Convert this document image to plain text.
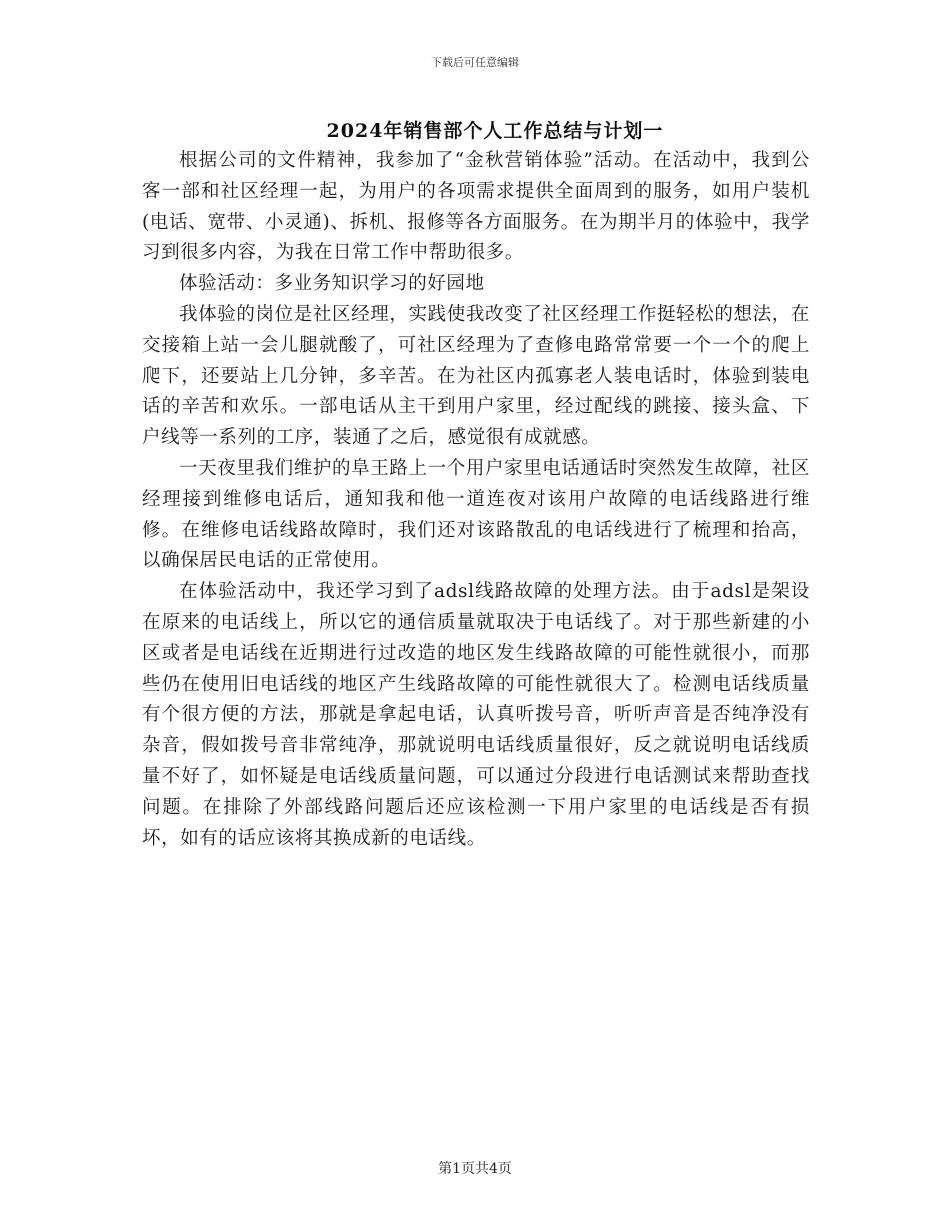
下载后可任意编辑
2024年销售部个人工作总结与计划一

根据公司的文件精神，我参加了“金秋营销体验”活动。在活动中，我到公客一部和社区经理一起，为用户的各项需求提供全面周到的服务，如用户装机(电话、宽带、小灵通)、拆机、报修等各方面服务。在为期半月的体验中，我学习到很多内容，为我在日常工作中帮助很多。

体验活动：多业务知识学习的好园地

我体验的岗位是社区经理，实践使我改变了社区经理工作挺轻松的想法，在交接箱上站一会儿腿就酸了，可社区经理为了查修电路常常要一个一个的爬上爬下，还要站上几分钟，多辛苦。在为社区内孤寡老人装电话时，体验到装电话的辛苦和欢乐。一部电话从主干到用户家里，经过配线的跳接、接头盒、下户线等一系列的工序，装通了之后，感觉很有成就感。

一天夜里我们维护的阜王路上一个用户家里电话通话时突然发生故障，社区经理接到维修电话后，通知我和他一道连夜对该用户故障的电话线路进行维修。在维修电话线路故障时，我们还对该路散乱的电话线进行了梳理和抬高，以确保居民电话的正常使用。

在体验活动中，我还学习到了adsl线路故障的处理方法。由于adsl是架设在原来的电话线上，所以它的通信质量就取决于电话线了。对于那些新建的小区或者是电话线在近期进行过改造的地区发生线路故障的可能性就很小，而那些仍在使用旧电话线的地区产生线路故障的可能性就很大了。检测电话线质量有个很方便的方法，那就是拿起电话，认真听拨号音，听听声音是否纯净没有杂音，假如拨号音非常纯净，那就说明电话线质量很好，反之就说明电话线质量不好了，如怀疑是电话线质量问题，可以通过分段进行电话测试来帮助查找问题。在排除了外部线路问题后还应该检测一下用户家里的电话线是否有损坏，如有的话应该将其换成新的电话线。

第1页共4页
